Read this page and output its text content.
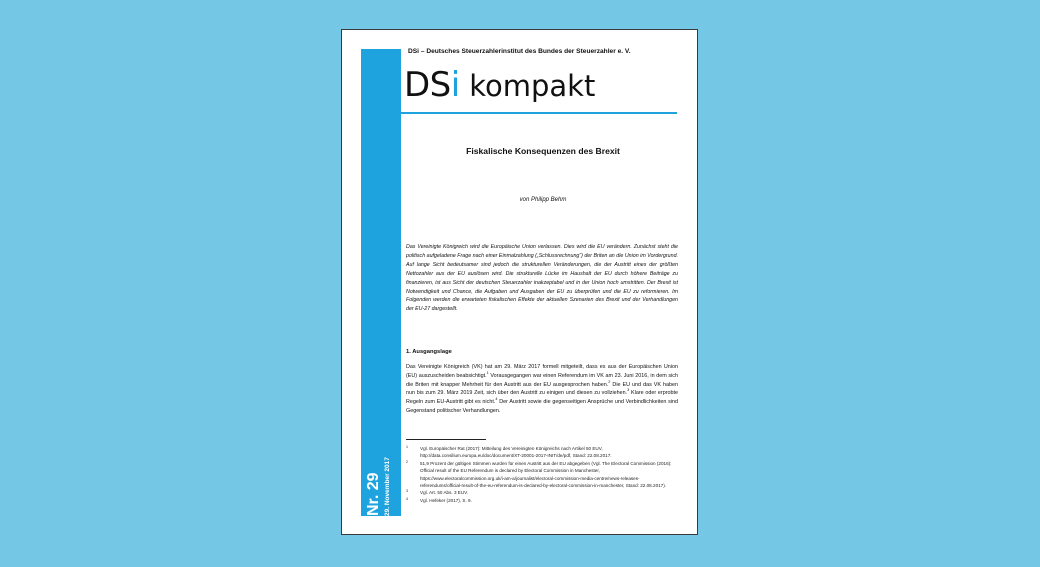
Nr. 29 29. November 2017
DSi – Deutsches Steuerzahlerinstitut des Bundes der Steuerzahler e. V.
DSi kompakt
Fiskalische Konsequenzen des Brexit
von Philipp Behm

Das Vereinigte Königreich wird die Europäische Union verlassen. Dies wird die EU verändern. Zunächst steht die politisch aufgeladene Frage nach einer Einmalzahlung („Schlussrechnung“) der Briten an die Union im Vordergrund. Auf lange Sicht bedeutsamer sind jedoch die strukturellen Veränderungen, die der Austritt eines der größten Nettozahler aus der EU auslösen wird. Die strukturelle Lücke im Haushalt der EU durch höhere Beiträge zu finanzieren, ist aus Sicht der deutschen Steuerzahler inakzeptabel und in der Union hoch umstritten. Der Brexit ist Notwendigkeit und Chance, die Aufgaben und Ausgaben der EU zu überprüfen und die EU zu reformieren. Im Folgenden werden die erwarteten fiskalischen Effekte der aktuellen Szenarien des Brexit und der Verhandlungen der EU-27 dargestellt.

1. Ausgangslage

Das Vereinigte Königreich (VK) hat am 29. März 2017 formell mitgeteilt, dass es aus der Europäischen Union (EU) auszuscheiden beabsichtigt.$^1$ Vorausgegangen war einen Referendum im VK am 23. Juni 2016, in dem sich die Briten mit knapper Mehrheit für den Austritt aus der EU ausgesprochen haben.$^2$ Die EU und das VK haben nun bis zum 29. März 2019 Zeit, sich über den Austritt zu einigen und diesen zu vollziehen.$^3$ Klare oder erprobte Regeln zum EU-Austritt gibt es nicht.$^4$ Der Austritt sowie die gegenseitigen Ansprüche und Verbindlichkeiten sind Gegenstand politischer Verhandlungen.

1	Vgl. Europäischer Rat (2017): Mitteilung des Vereinigten Königreichs nach Artikel 50 EUV, http://data.consilium.europa.eu/doc/document/XT-20001-2017-INIT/de/pdf, Stand: 22.08.2017.
2	51,9 Prozent der gültigen Stimmen wurden für einen Austritt aus der EU abgegeben (Vgl. The Electoral Commission (2016): Official result of the EU Referendum is declared by Electoral Commission in Manchester, https://www.electoralcommission.org.uk/i-am-a/journalist/electoral-commission-media-centre/news-releases-referendums/official-result-of-the-eu-referendum-is-declared-by-electoral-commission-in-manchester, Stand: 22.08.2017).
3	Vgl. Art. 50 Abs. 3 EUV.
4	Vgl. Hefeker (2017), S. 9.
